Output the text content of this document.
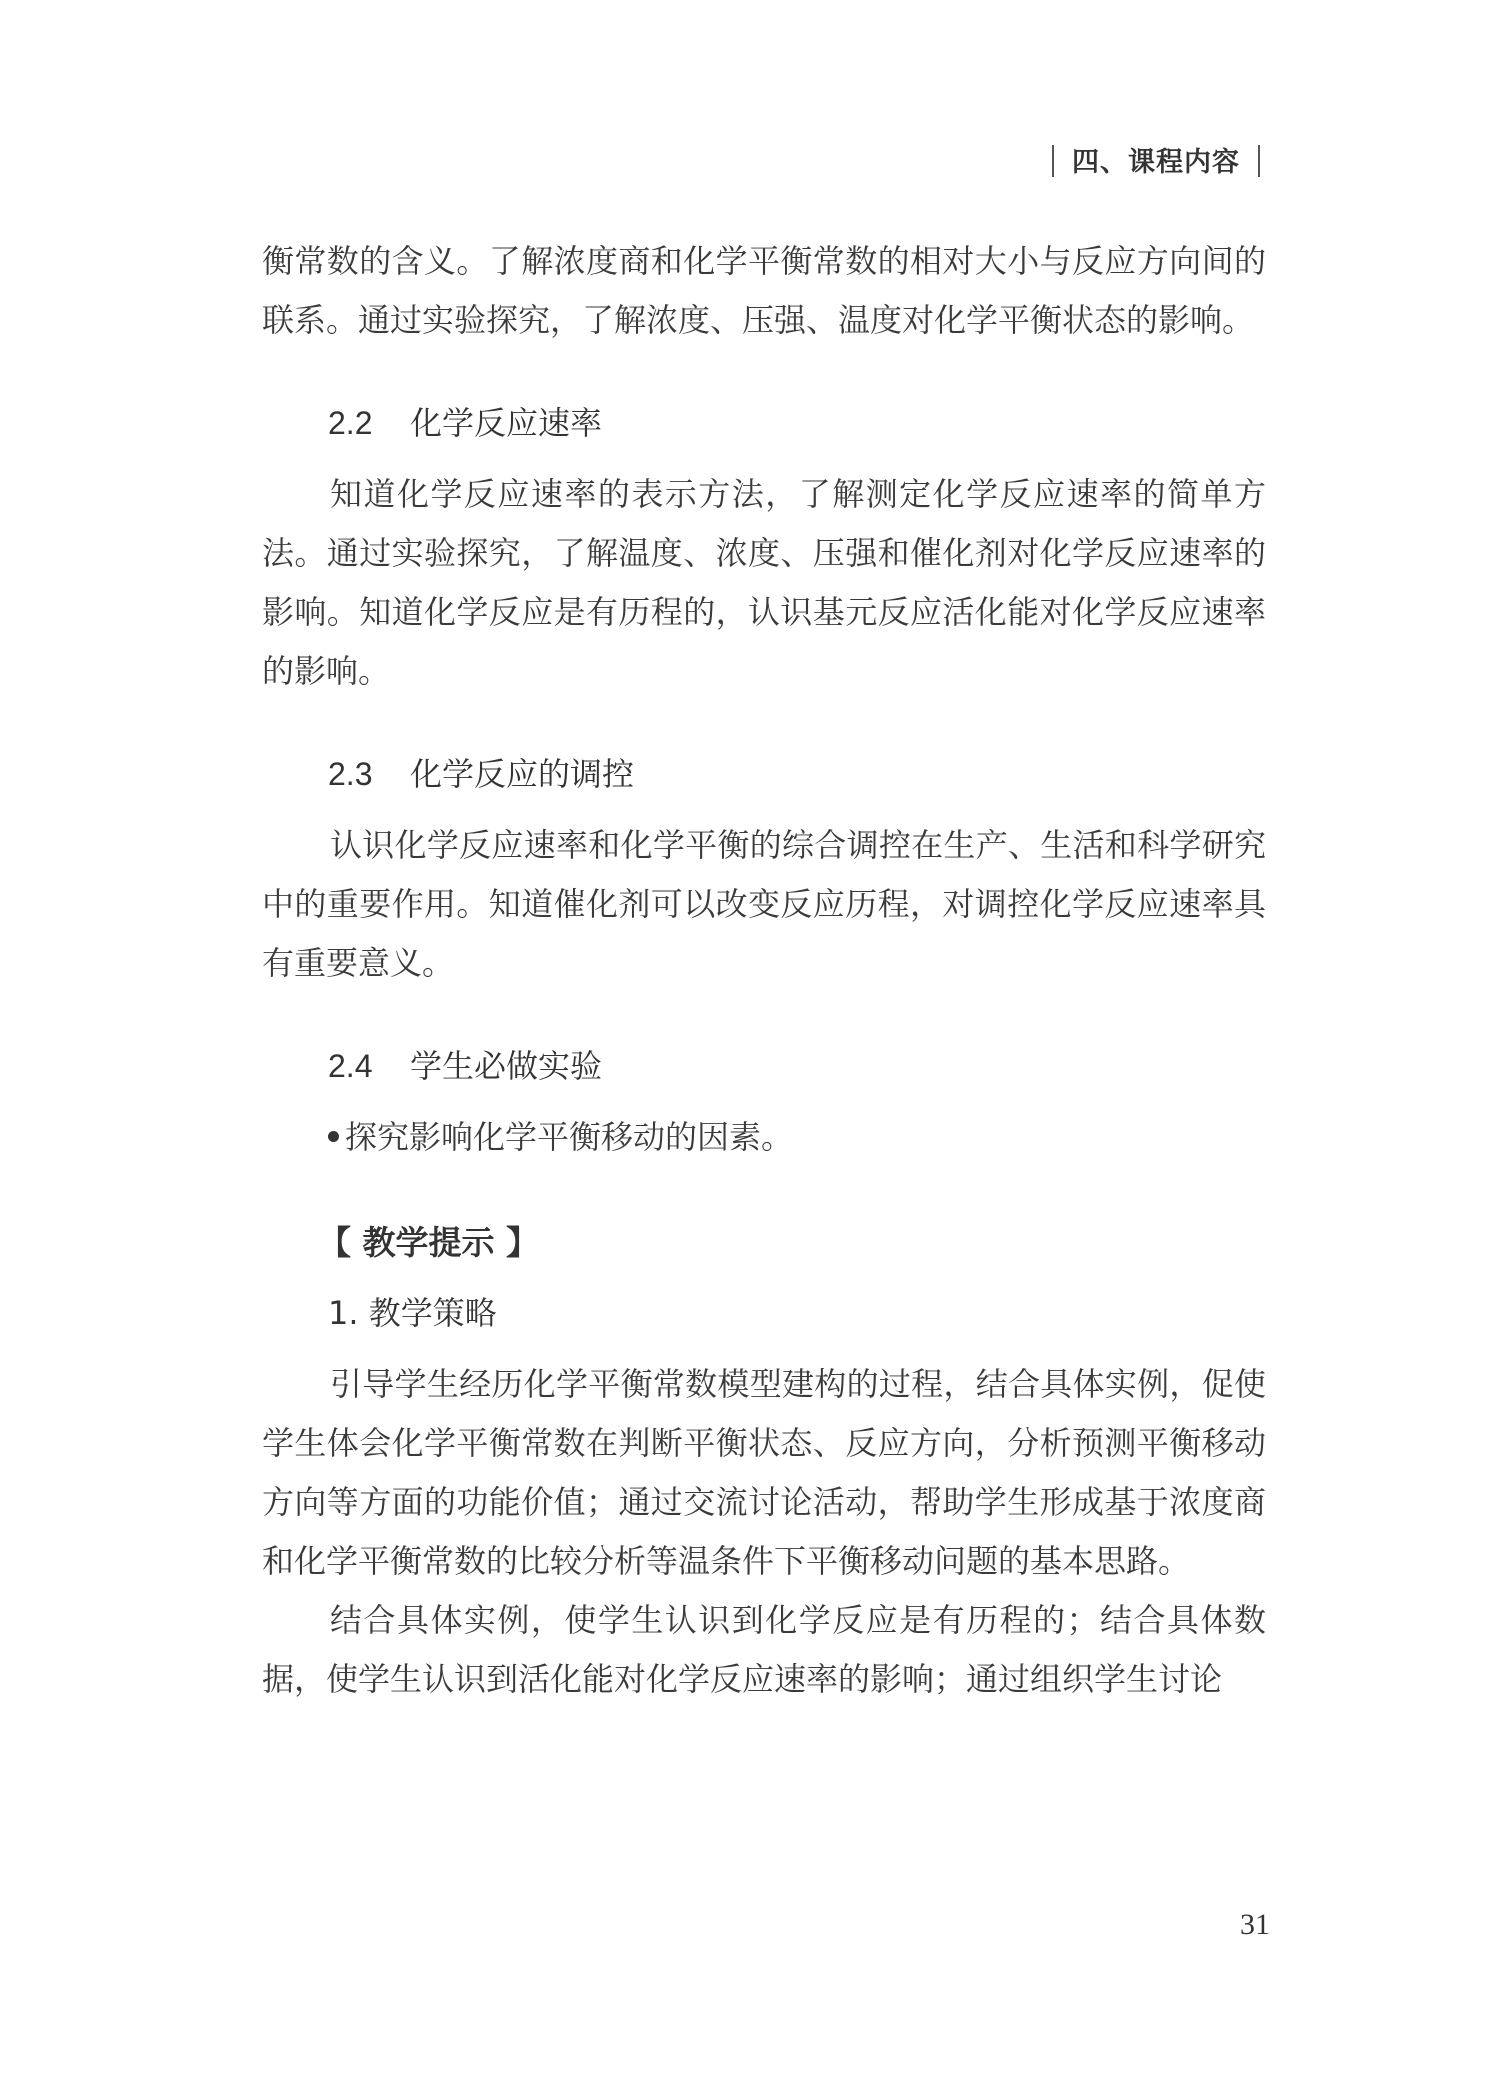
四、课程内容

衡常数的含义。了解浓度商和化学平衡常数的相对大小与反应方向间的联系。通过实验探究，了解浓度、压强、温度对化学平衡状态的影响。

2.2 化学反应速率

知道化学反应速率的表示方法，了解测定化学反应速率的简单方法。通过实验探究，了解温度、浓度、压强和催化剂对化学反应速率的影响。知道化学反应是有历程的，认识基元反应活化能对化学反应速率的影响。

2.3 化学反应的调控

认识化学反应速率和化学平衡的综合调控在生产、生活和科学研究中的重要作用。知道催化剂可以改变反应历程，对调控化学反应速率具有重要意义。

2.4 学生必做实验

探究影响化学平衡移动的因素。

【 教学提示 】

1. 教学策略

引导学生经历化学平衡常数模型建构的过程，结合具体实例，促使学生体会化学平衡常数在判断平衡状态、反应方向，分析预测平衡移动方向等方面的功能价值；通过交流讨论活动，帮助学生形成基于浓度商和化学平衡常数的比较分析等温条件下平衡移动问题的基本思路。

结合具体实例，使学生认识到化学反应是有历程的；结合具体数据，使学生认识到活化能对化学反应速率的影响；通过组织学生讨论

31
